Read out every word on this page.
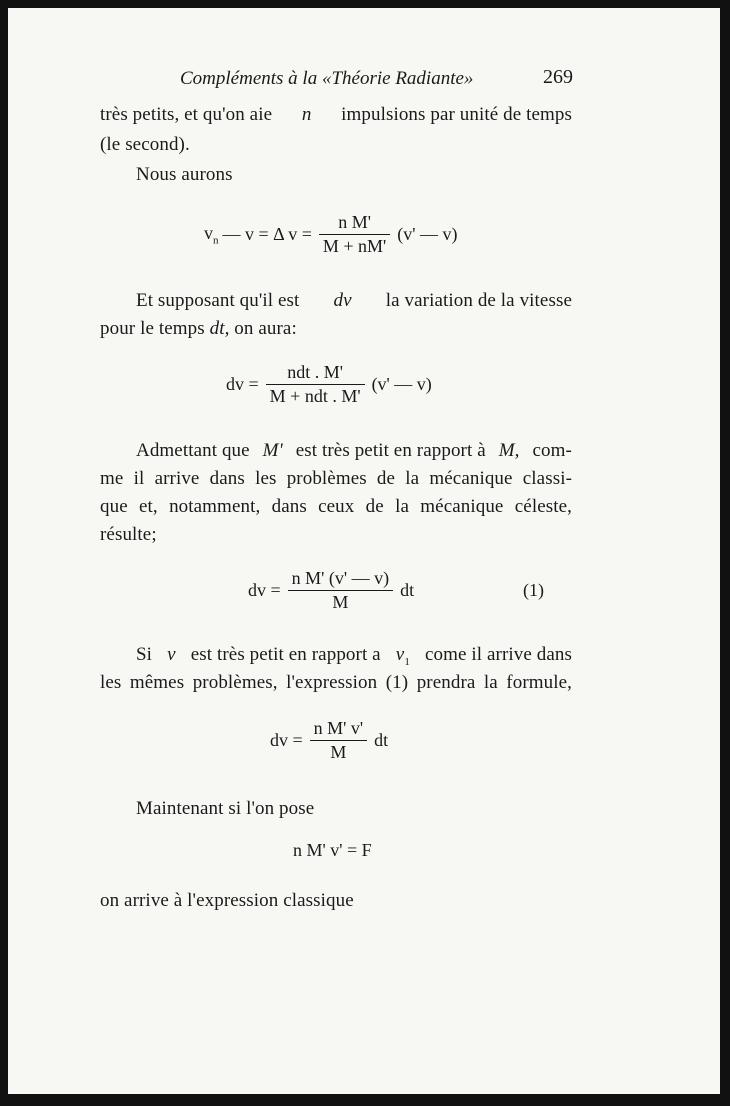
Compléments à la «Théorie Radiante»	269
très petits, et qu'on aie n impulsions par unité de temps
(le second).
Nous aurons
$v_n$ — v = Δ $v = \frac{\text{n M'}}{M + nM'} (v'$ — v)
Et supposant qu'il est dv la variation de la vitesse
pour le temps dt, on aura:
dv = $\frac{\text{ndt . M'}}{\text{M + ndt . M'}} (v'$ — v)
Admettant que M' est très petit en rapport à M, com-
me il arrive dans les problèmes de la mécanique classi-
que et, notamment, dans ceux de la mécanique céleste,
résulte;
dv = $\frac{\text{n M' (v' — v)}}{M}$ dt	(1)
Si v est très petit en rapport a $v_1$ come il arrive dans
les mêmes problèmes, l'expression (1) prendra la formule,
dv = $\frac{\text{n M' v'}}{M}$ dt
Maintenant si l'on pose
n M' v' = F
on arrive à l'expression classique
